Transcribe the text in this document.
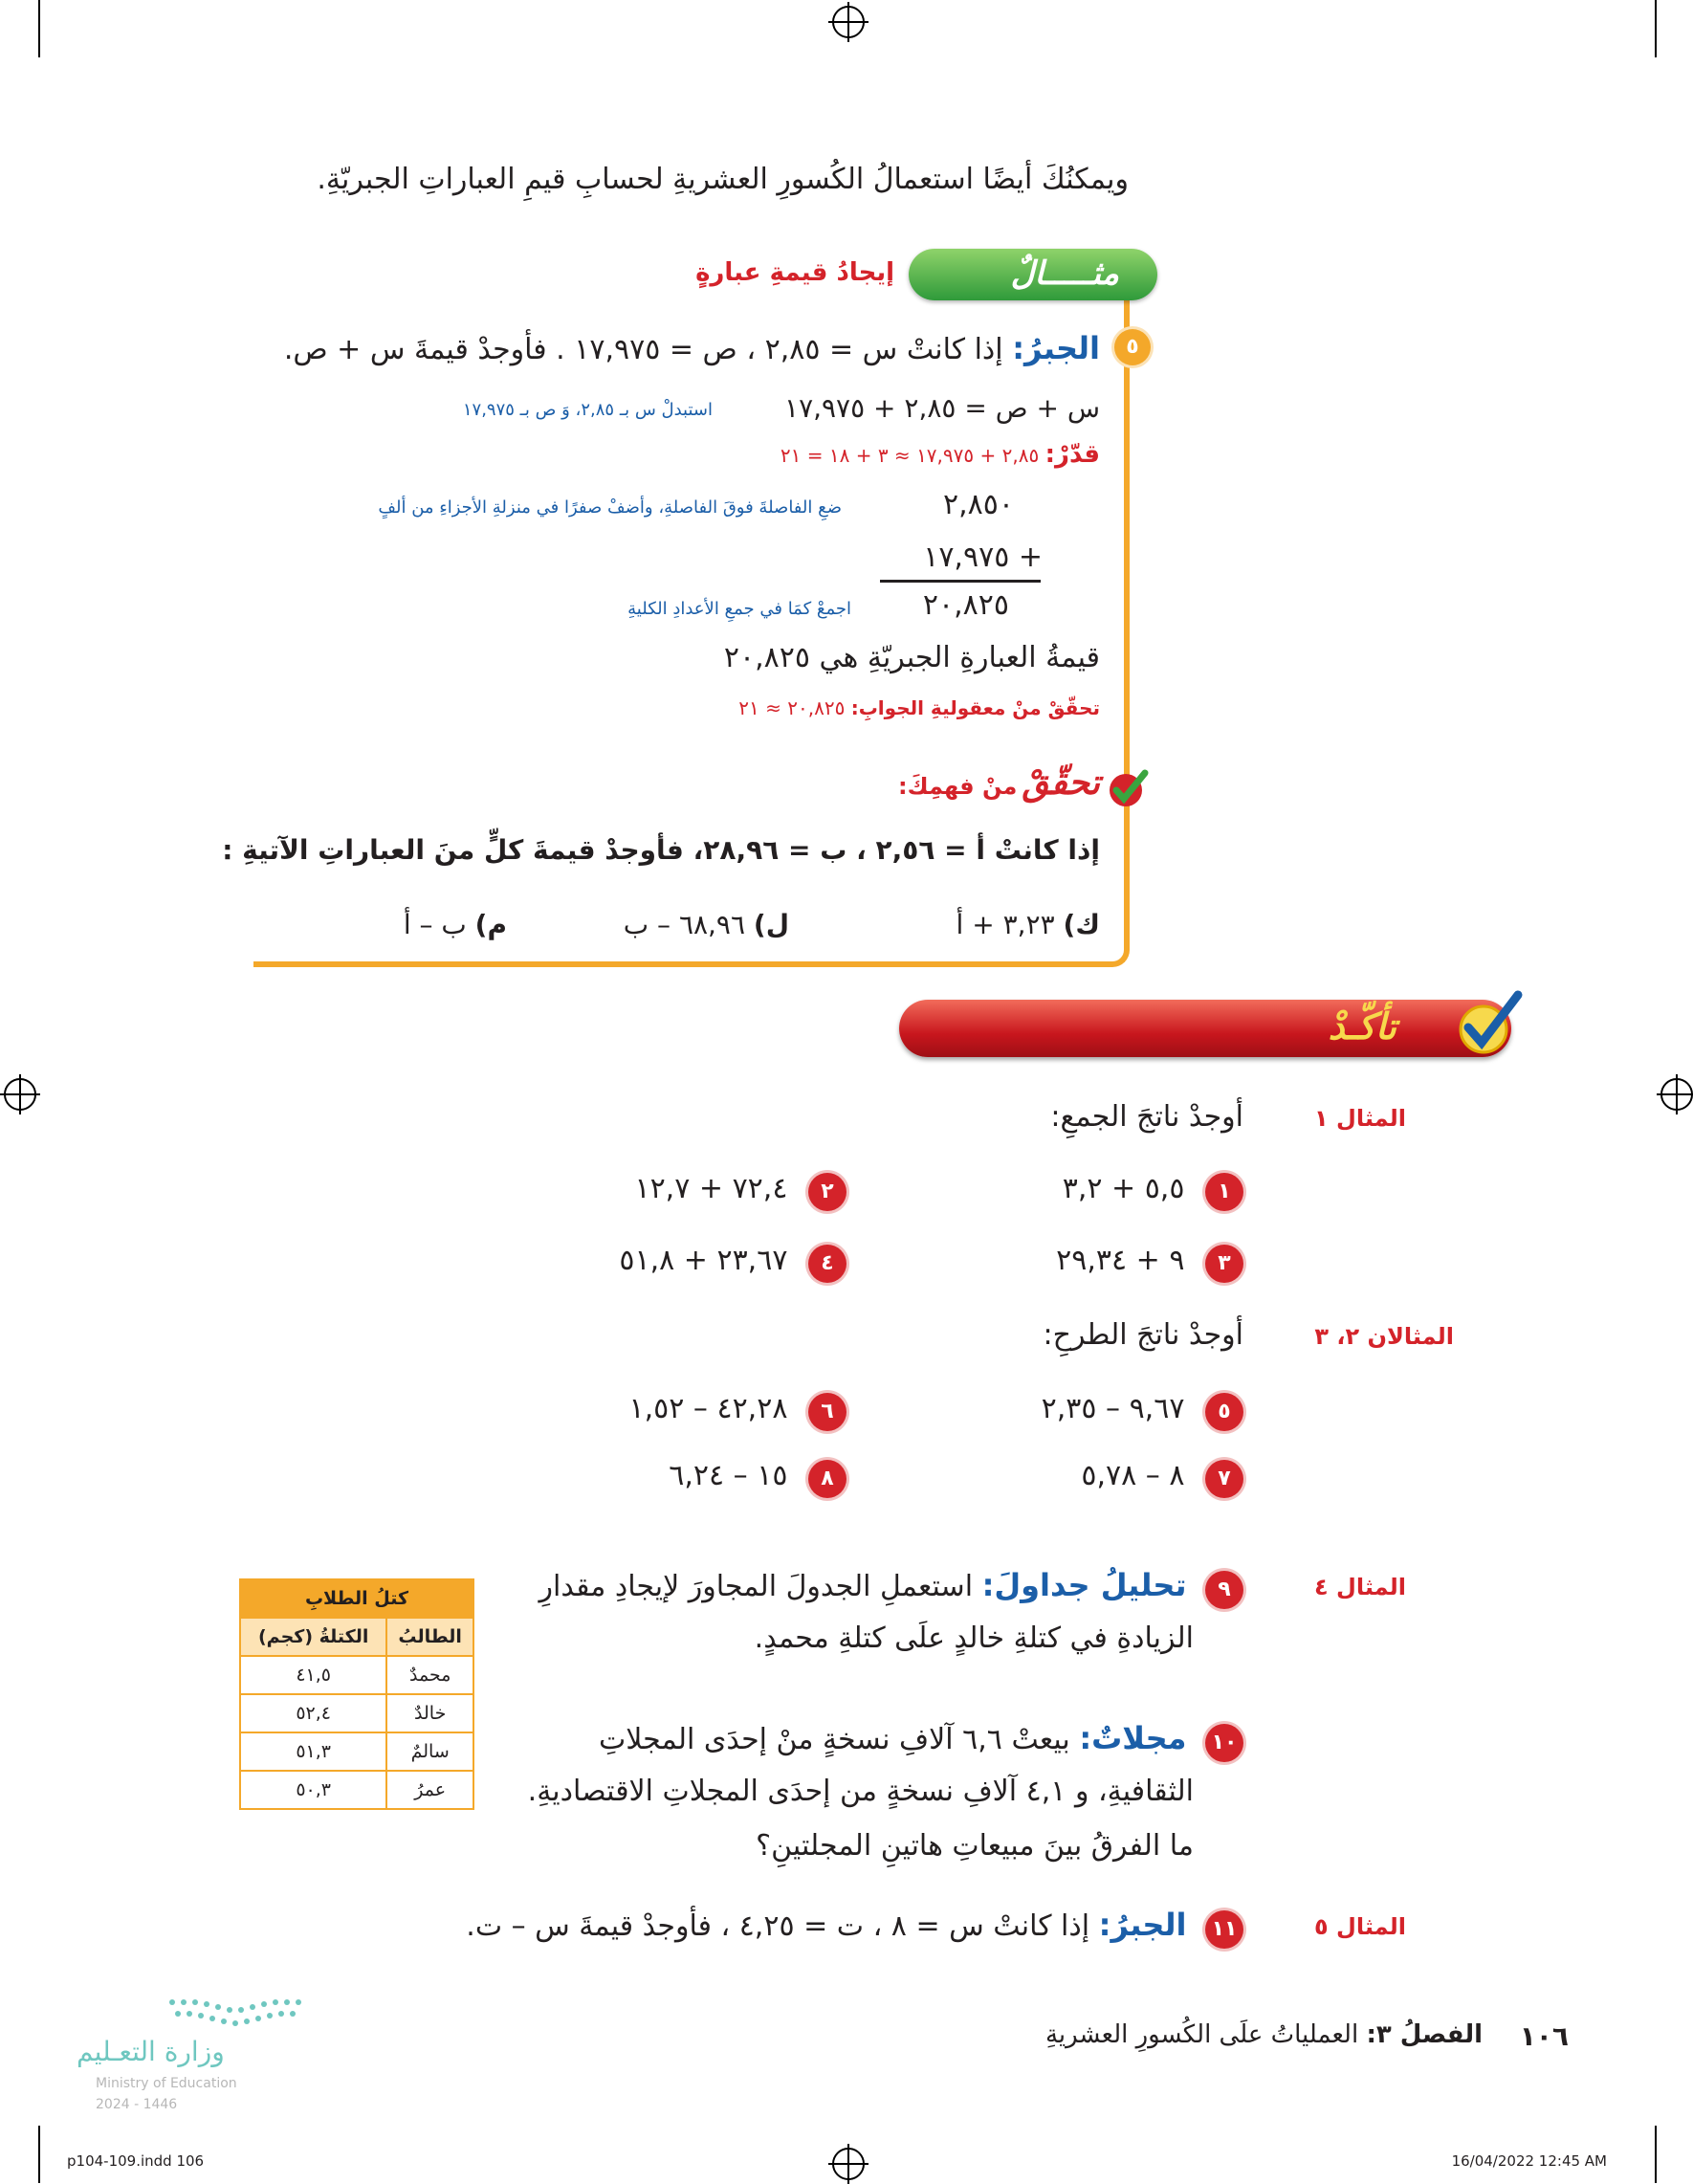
ويمكنُكَ أيضًا استعمالُ الكُسورِ العشريةِ لحسابِ قيمِ العباراتِ الجبريّةِ.
مثـــــالٌ
إيجادُ قيمةِ عبارةٍ
٥
الجبرُ: إذا كانتْ س = ٢,٨٥ ، ص = ١٧,٩٧٥ . فأوجدْ قيمةَ س + ص.
س + ص = ٢,٨٥ + ١٧,٩٧٥
استبدلْ س بـ ٢,٨٥، وَ ص بـ ١٧,٩٧٥
قدّرْ: ٢,٨٥ + ١٧,٩٧٥ ≈ ٣ + ١٨ = ٢١
٢,٨٥٠
ضعِ الفاصلةَ فوقَ الفاصلةِ، وأضفْ صفرًا في منزلةِ الأجزاءِ من ألفٍ
+ ١٧,٩٧٥
٢٠,٨٢٥
اجمعْ كمَا في جمعِ الأعدادِ الكليةِ
قيمةُ العبارةِ الجبريّةِ هي ٢٠,٨٢٥
تحقّقْ منْ معقوليةِ الجوابِ: ٢٠,٨٢٥ ≈ ٢١
تحقّقْ منْ فهمِكَ:
إذا كانتْ أ = ٢,٥٦ ، ب = ٢٨,٩٦، فأوجدْ قيمةَ كلٍّ منَ العباراتِ الآتيةِ :
ك) ٣,٢٣ + أ
ل) ٦٨,٩٦ – ب
م) ب – أ
تأكّـدْ
المثال ١
أوجدْ ناتجَ الجمعِ:
١ ٥,٥ + ٣,٢
٢ ٧٢,٤ + ١٢,٧
٣ ٩ + ٢٩,٣٤
٤ ٢٣,٦٧ + ٥١,٨
المثالان ٢، ٣
أوجدْ ناتجَ الطرحِ:
٥ ٩,٦٧ – ٢,٣٥
٦ ٤٢,٢٨ – ١,٥٢
٧ ٨ – ٥,٧٨
٨ ١٥ – ٦,٢٤
المثال ٤
٩ تحليلُ جداولَ: استعملِ الجدولَ المجاورَ لإيجادِ مقدارِ
الزيادةِ في كتلةِ خالدٍ علَى كتلةِ محمدٍ.
١٠ مجلاتٌ: بيعتْ ٦,٦ آلافِ نسخةٍ منْ إحدَى المجلاتِ
الثقافيةِ، و ٤,١ آلافِ نسخةٍ من إحدَى المجلاتِ الاقتصاديةِ.
ما الفرقُ بينَ مبيعاتِ هاتينِ المجلتينِ؟
كتلُ الطلابِ	
الطالبُ	الكتلةُ (كجم)
محمدٌ	٤١,٥
خالدٌ	٥٢,٤
سالمٌ	٥١,٣
عمرُ	٥٠,٣
المثال ٥
١١ الجبرُ: إذا كانتْ س = ٨ ، ت = ٤,٢٥ ، فأوجدْ قيمةَ س – ت.
وزارة التعـليم
Ministry of Education
2024 - 1446
١٠٦
الفصلُ ٣: العملياتُ علَى الكُسورِ العشريةِ
p104-109.indd 106	16/04/2022 12:45 AM
